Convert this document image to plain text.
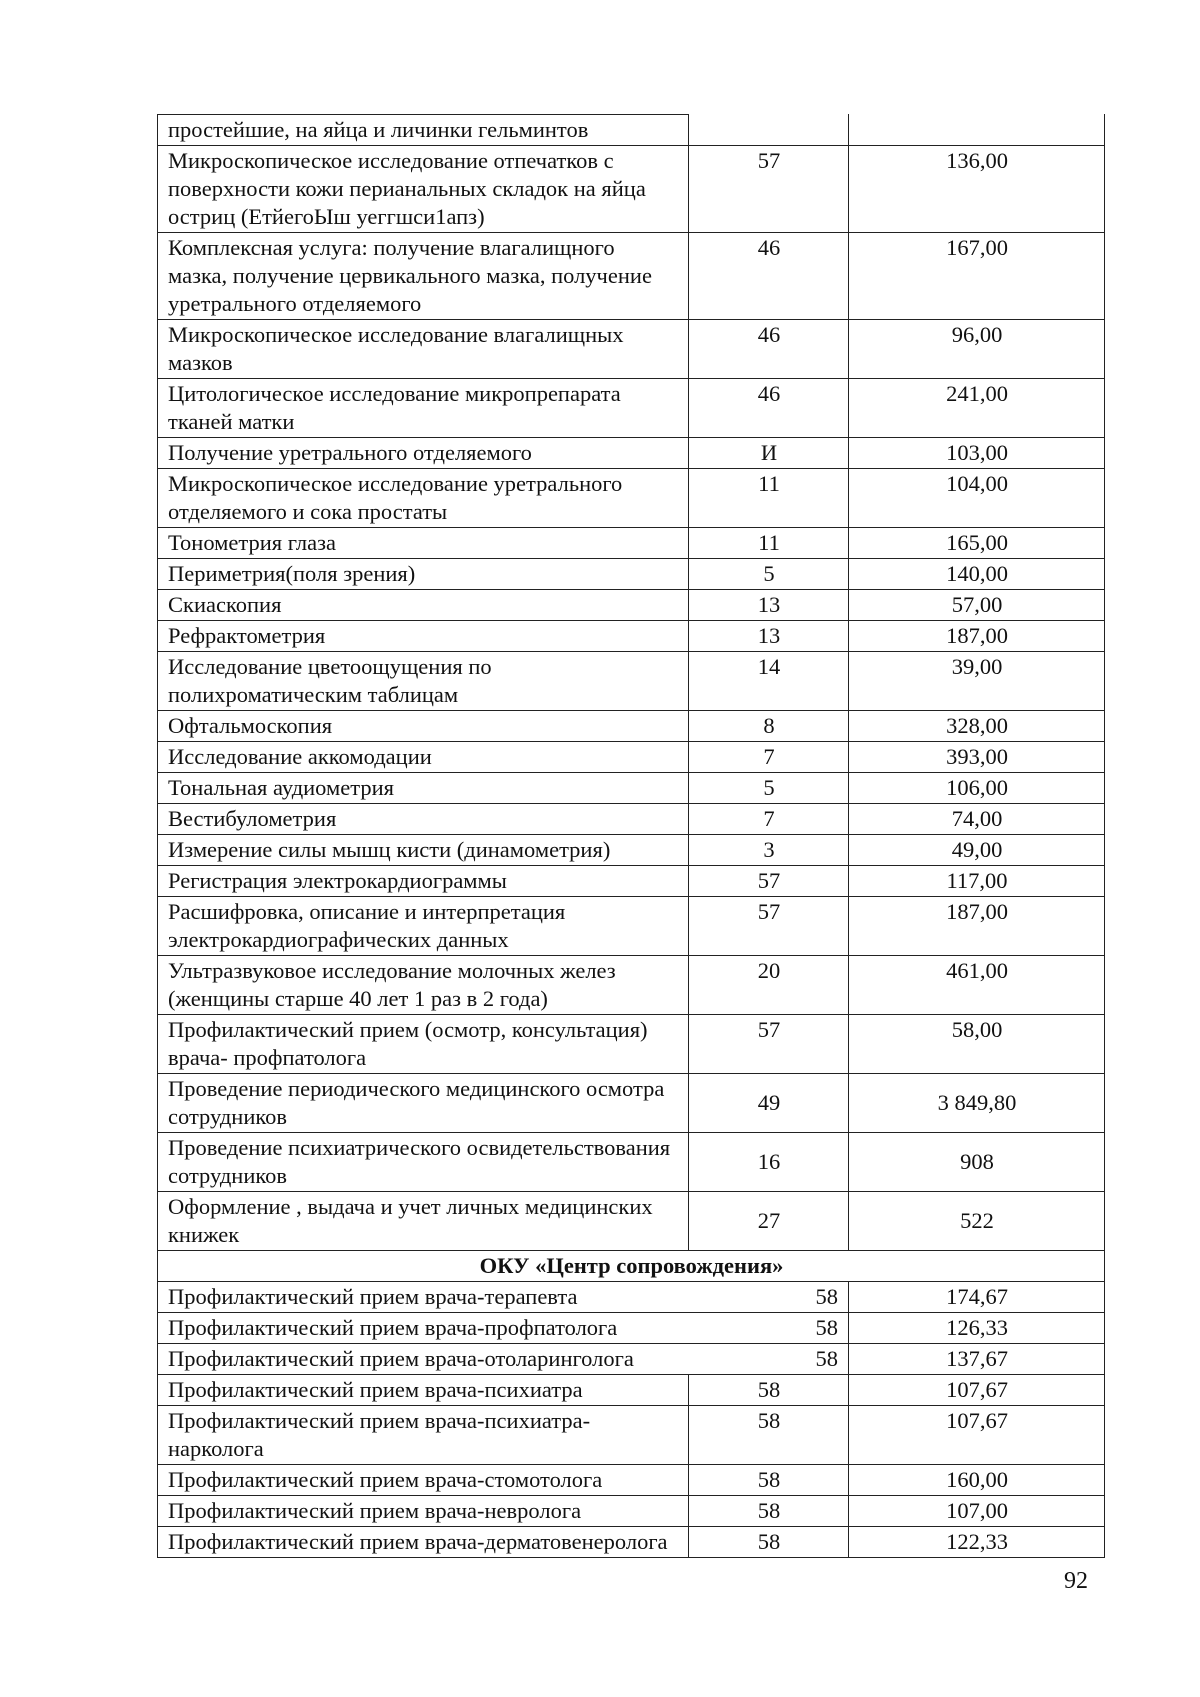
простейшие, на яйца и личинки гельминтов		
Микроскопическое исследование отпечатков с поверхности кожи перианальных складок на яйца остриц (ЕтйегоЫш уеггшси1апз)	57	136,00
Комплексная услуга: получение влагалищного мазка, получение цервикального мазка, получение уретрального отделяемого	46	167,00
Микроскопическое исследование влагалищных мазков	46	96,00
Цитологическое исследование микропрепарата тканей матки	46	241,00
Получение уретрального отделяемого	И	103,00
Микроскопическое исследование уретрального отделяемого и сока простаты	11	104,00
Тонометрия глаза	11	165,00
Периметрия(поля зрения)	5	140,00
Скиаскопия	13	57,00
Рефрактометрия	13	187,00
Исследование цветоощущения по полихроматическим таблицам	14	39,00
Офтальмоскопия	8	328,00
Исследование аккомодации	7	393,00
Тональная аудиометрия	5	106,00
Вестибулометрия	7	74,00
Измерение силы мышц кисти (динамометрия)	3	49,00
Регистрация электрокардиограммы	57	117,00
Расшифровка, описание и интерпретация электрокардиографических данных	57	187,00
Ультразвуковое исследование молочных желез (женщины старше 40 лет 1 раз в 2 года)	20	461,00
Профилактический прием (осмотр, консультация) врача- профпатолога	57	58,00
Проведение периодического медицинского осмотра сотрудников	49	3 849,80
Проведение психиатрического освидетельствования сотрудников	16	908
Оформление , выдача и учет личных медицинских книжек	27	522
ОКУ «Центр сопровождения»		
Профилактический прием врача-терапевта	58	174,67
Профилактический прием врача-профпатолога	58	126,33
Профилактический прием врача-отоларинголога	58	137,67
Профилактический прием врача-психиатра	58	107,67
Профилактический прием врача-психиатра-нарколога	58	107,67
Профилактический прием врача-стомотолога	58	160,00
Профилактический прием врача-невролога	58	107,00
Профилактический прием врача-дерматовенеролога	58	122,33
92
